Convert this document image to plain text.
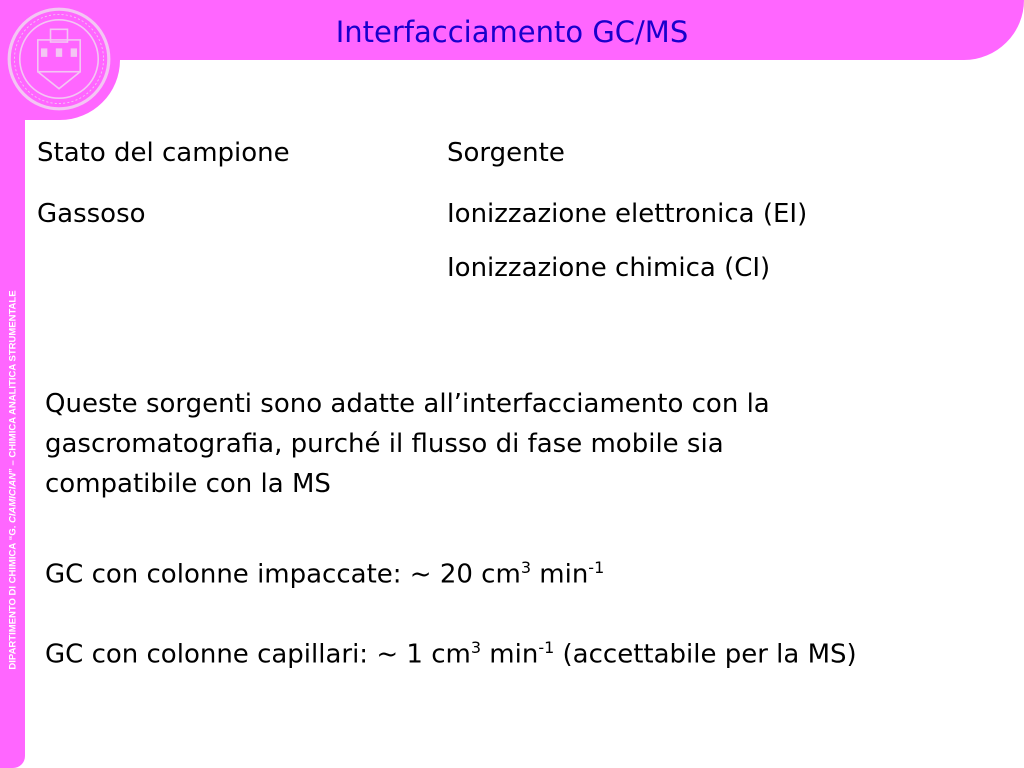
Interfacciamento GC/MS
DIPARTIMENTO DI CHIMICA “G. CIAMICIAN” – CHIMICA ANALITICA STRUMENTALE
Stato del campione	Sorgente
Gassoso	Ionizzazione elettronica (EI)
Ionizzazione chimica (CI)
Queste sorgenti sono adatte all’interfacciamento con la
gascromatografia, purché il flusso di fase mobile sia
compatibile con la MS
GC con colonne impaccate: ~ 20 $cm^3$ $\min^{-1}$
GC con colonne capillari: ~ 1 $cm^3$ $\min^{-1}$ (accettabile per la MS)
